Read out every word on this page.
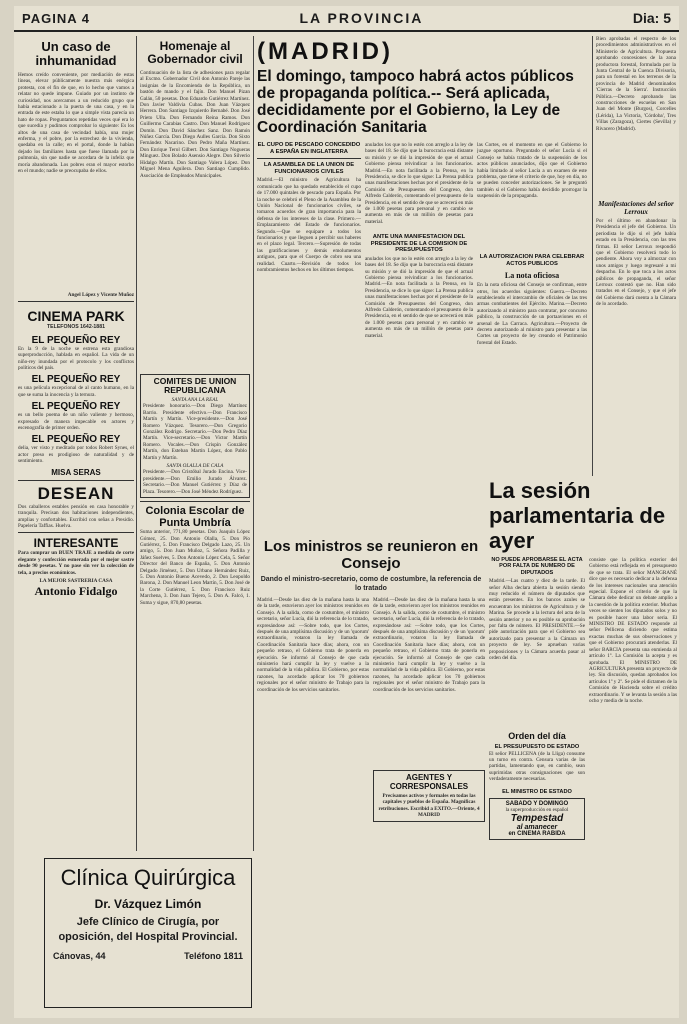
PAGINA 4	LA PROVINCIA	Dia: 5
Un caso de inhumanidad
Hemos creído conveniente, por mediación de estas líneas, elevar públicamente nuestra más enérgica protesta, con el fin de que, en lo hecho que vamos a relatar no quede impune. Guiado por un instinto de curiosidad, nos acercamos a un reducido grupo que había estacionado a la puerta de una casa, y en la entrada de este estaba lo que a simple vista parecía un hato de ropas. Preguntamos repetidas veces qué era lo que sucedía y pudimos comprobar lo siguiente: Es los altos de una casa de vecindad había, una mujer enferma, y el pobre, por la estrechez de la vivienda, quedaba en la calle; en el portal, donde la habían dejado los familiares hasta que fuese llamada por la pulmonía, sin que nadie se acordara de la infeliz que moría abandonada. Los pobres eran el mayor estorbo en el mundo; nadie se preocupaba de ellos.
Angel López y Vicente Muñoz
CINEMA PARK
TELEFONOS 1642-1881
EL PEQUEÑO REY
En la 9 de la noche se estrena esta grandiosa superproducción, hablada en español. La vida de un niño-rey inundada por el protocolo y los conflictos políticos del país.
EL PEQUEÑO REY
es una película excepcional de al canto humano, en la que se suma la inocencia y la ternura.
EL PEQUEÑO REY
es un bello poema de un niño valiente y hermoso, expresado de manera impecable en actores y escenografía de primer orden.
EL PEQUEÑO REY
delia, ver visto y meditado por todos Robert Synes, el actor preso es prodigioso de naturalidad y de sentimiento.
MISA SERAS
DESEAN
Dos caballeros estables pensión en casa honorable y tranquila. Precisan dos habitaciones independientes, amplias y confortables. Escribid con señas a Presidio. Papelería Taffias. Huelva.
INTERESANTE
Para comprar un BUEN TRAJE a medida de corte elegante y confección esmerada por el mejor sastre desde 90 pesetas. Y no pase sin ver la colección de tela, a precios económicos.
LA MEJOR SASTRERIA CASA
Antonio Fidalgo
Homenaje al Gobernador civil
Continuación de la lista de adhesiones para regalar al Excmo. Gobernador Civil don Antonio Pareje las insignias de la Encomienda de la República, un bastón de mando y el fajín. Don Manuel Pizan Galán, 50 pesetas. Don Eduardo Gutiérrez Martínez. Don Javier Valdivia Cubas. Don Juan Vázquez Herrera. Don Santiago Izquierdo Bernabé. Don José Prieto Ulla. Don Fernando Reina Ramos. Don Guillermo Carabias Castro. Don Manuel Rodríguez Domín. Don David Sánchez Sanz. Don Ramón Núñez García. Don Diego Aulles García. Don Sixto Fernández Nacarino. Don Pedro Maña Martínez. Don Enrique Terol Gilbert. Don Santiago Nogueras Mínguez. Don Bolado Asensio Alegre. Don Silverio Hidalgo Martín. Don Santiago Valera López. Don Miguel Mena Aguilera. Don Santiago Cumplido. Asociación de Empleados Municipales.
COMITES DE UNION REPUBLICANA
SANTA ANA LA REAL
Presidente honorario.—Don Diego Martínez Barrio. Presidente efectivo.—Don Francisco Martín y Martín. Vice-presidente.—Don José Romero Vázquez. Tesorero.—Don Gregorio González Rodrigo. Secretario.—Don Pedro Díaz Martín. Vice-secretario.—Don Victor Martín Romero. Vocales.—Don Crispín González Martín, don Esteban Martín López, don Pablo Martín y Martín.
SANTA OLALLA DE CALA
Presidente.—Don Cristóbal Jurado Encina. Vice-presidente.—Don Emilio Jurado Álvarez. Secretario.—Don Manuel Gutiérrez y Díaz de Plaza. Tesorero.—Don José Méndez Rodríguez.
Colonia Escolar de Punta Umbría
Suma anterior, 771,80 pesetas. Don Joaquín López Gómez, 25. Don Antonio Olalla, 5. Don Pío Gutiérrez, 5. Don Francisco Delgado Lazo, 25. Un amigo, 5. Don Juan Muñoz, 5. Señora Padilla y Jáñez Suelves, 5. Don Antonio López Cela, 5. Señor Director del Banco de España, 5. Don Antonio Delgado Jiménez, 5. Don Urbano Hernández Ruiz, 5. Don Antonio Bueno Acevedo, 2. Don Leopoldo Barona, 2. Don Manuel Leon Martín, 5. Don José de la Corte Gutiérrez, 5. Don Francisco Ruiz Marchena, 3. Don Juan Tejero, 5. Don A. Falcó, 1. Suma y sigue, 870,80 pesetas.
(MADRID)
El domingo, tampoco habrá actos públicos de propaganda política.-- Será aplicada, decididamente por el Gobierno, la Ley de Coordinación Sanitaria
EL CUPO DE PESCADO CONCEDIDO A ESPAÑA EN INGLATERRA
LA ASAMBLEA DE LA UNION DE FUNCIONARIOS CIVILES
Madrid.—El ministro de Agricultura ha comunicado que ha quedado establecido el cupo de 17.000 quintales de pescado para España. Por la noche se celebró el Pleno de la Asamblea de la Unión Nacional de funcionarios civiles, se tomaron acuerdos de gran importancia para la defensa de los intereses de la clase. Primero.—Emplazamiento del Estado de funcionarios. Segundo.—Que se equipare a todos los funcionarios y que lleguen a percibir sus haberes en el plazo legal. Tercero.—Supresión de todas las gratificaciones y demás emolumentos antiguos, para que el Cuerpo de cobro sea una realidad. Cuarto.—Revisión de todos los nombramientos hechos en los últimos tiempos.
anulados los que no lo estén con arreglo a la ley de bases del 18. Se dijo que la burocracia está distante su misión y se dió la impresión de que el actual Gobierno piensa reivindicar a los funcionarios. Madrid.—En nota facilitada a la Prensa, en la Presidencia, se dice lo que sigue: La Prensa publica unas manifestaciones hechas por el presidente de la Comisión de Presupuestos del Congreso, don Alfredo Calderón, comentando el presupuesto de la Presidencia, en el sentido de que se acrecerá en más de 1.000 pesetas para personal y en cambio se aumenta en más de un millón de pesetas para material.
ANTE UNA MANIFESTACION DEL PRESIDENTE DE LA COMISION DE PRESUPUESTOS
anulados los que no lo estén con arreglo a la ley de bases del 18. Se dijo que la burocracia está distante su misión y se dió la impresión de que el actual Gobierno piensa reivindicar a los funcionarios. Madrid.—En nota facilitada a la Prensa, en la Presidencia, se dice lo que sigue: La Prensa publica unas manifestaciones hechas por el presidente de la Comisión de Presupuestos del Congreso, don Alfredo Calderón, comentando el presupuesto de la Presidencia, en el sentido de que se acrecerá en más de 1.000 pesetas para personal y en cambio se aumenta en más de un millón de pesetas para material.
las Cortes, en el momento en que el Gobierno lo juzgue oportuno. Preguntado el señor Lucía si el Consejo se había tratado de la suspensión de los actos públicos anunciados, dijo que el Gobierno había limitado al señor Lucía a un examen de este problema, que tiene el criterio de que, hoy en día, no se pueden conceder autorizaciones. Se le preguntó también si el Gobierno había decidido prorrogar la suspensión de la propaganda.
LA AUTORIZACION PARA CELEBRAR ACTOS PUBLICOS
La nota oficiosa
En la nota oficiosa del Consejo se confirman, entre otros, los acuerdos siguientes: Guerra.—Decreto estableciendo el intercambio de oficiales de las tres armas combatientes del Ejército. Marina.—Decreto autorizando al ministro para contratar, por concurso público, la construcción de un portaaviones en el arsenal de La Carraca. Agricultura.—Proyecto de decreto autorizando al ministro para presentar a las Cortes un proyecto de ley creando el Patrimonio forestal del Estado.
Los ministros se reunieron en Consejo
Dando el ministro-secretario, como de costumbre, la referencia de lo tratado
Madrid.—Desde las diez de la mañana hasta la una de la tarde, estuvieron ayer los ministros reunidos en Consejo. A la salida, como de costumbre, el ministro secretario, señor Lucía, dió la referencia de lo tratado, expresándose así: —Sobre todo, que los Cortes, después de una amplísima discusión y de un 'quorum' extraordinario, votaron la ley llamada de Coordinación Sanitaria hace días; ahora, con un pequeño retraso, el Gobierno trata de ponerla en ejecución. Se informó al Consejo de que cada ministerio hará cumplir la ley y vuelve a la normalidad de la vida pública. El Gobierno, por estas razones, ha acordado aplicar los 70 gobiernos regionales por el señor ministro de Trabajo para la coordinación de los servicios sanitarios.
Madrid.—Desde las diez de la mañana hasta la una de la tarde, estuvieron ayer los ministros reunidos en Consejo. A la salida, como de costumbre, el ministro secretario, señor Lucía, dió la referencia de lo tratado, expresándose así: —Sobre todo, que los Cortes, después de una amplísima discusión y de un 'quorum' extraordinario, votaron la ley llamada de Coordinación Sanitaria hace días; ahora, con un pequeño retraso, el Gobierno trata de ponerla en ejecución. Se informó al Consejo de que cada ministerio hará cumplir la ley y vuelve a la normalidad de la vida pública. El Gobierno, por estas razones, ha acordado aplicar los 70 gobiernos regionales por el señor ministro de Trabajo para la coordinación de los servicios sanitarios.
AGENTES Y CORRESPONSALES
Precisamos activos y formales en todas las capitales y pueblos de España. Magníficas retribuciones. Escribid a EXITO.—Oriente, 4 MADRID
Bien aprobadas el respecto de los procedimientos administrativos en el Ministerio de Agricultura. Propuesta aprobando concesiones de la zona productora forestal, formulada por la Junta Central de la Cuenca Divisoria, para un forestal en los terrenos de la provincia de Madrid denominados 'Cierras de la Sierra'. Instrucción Pública.—Decreto aprobando las construcciones de escuelas en San Juan del Monte (Burgos), Corcelles (Lérida), La Victoria, 'Córdoba', Tres Villas (Zaragoza), Ciertes (Sevilla) y Rivacero (Madrid).
Manifestaciones del señor Lerroux
Por el último en abandonar la Presidencia el jefe del Gobierno. Un periodista le dijo si el jefe había estado en la Presidencia, con las tres firmas. El señor Lerroux respondió que el Gobierno resolverá todo lo pendiente. Ahora voy a almorzar con unos amigos y luego regresaré a mi despacho. En lo que toca a los actos públicos de propaganda, el señor Lerroux contestó que no. Han sido tratados en el Consejo, y que el jefe del Gobierno dará cuenta a la Cámara de lo acordado.
La sesión parlamentaria de ayer
NO PUEDE APROBARSE EL ACTA POR FALTA DE NUMERO DE DIPUTADOS
Madrid.—Las cuatro y diez de la tarde. El señor Alba declara abierta la sesión siendo muy reducido el número de diputados que están presentes. En los bancos azules se encuentran los ministros de Agricultura y de Marina. Se procede a la lectura del acta de la sesión anterior y no es posible su aprobación por falta de número. El PRESIDENTE.—Se pide autorización para que el Gobierno sea autorizado para presentar a la Cámara un proyecto de ley. Se aprueban varias proposiciones y la Cámara acuerda pasar al orden del día.
Orden del día
EL PRESUPUESTO DE ESTADO
El señor PELLICENA (de la Lliga) consume un turno en contra. Censura varias de las partidas, lamentando que, en cambio, sean suprimidas otras consignaciones que son verdaderamente necesarias.
EL MINISTRO DE ESTADO
SABADO Y DOMINGO
la superproducción en español
Tempestad
al amanecer
en CINEMA RABIDA
consiste que la política exterior del Gobierno está reflejada en el presupuesto de que se trata. El señor MANGRANÉ dice que es necesario dedicar a la defensa de los intereses nacionales una atención especial. Expone el criterio de que la Cámara debe dedicar un debate amplio a la cuestión de la política exterior. Muchas veces se sienten los diputados solos y no es posible hacer una labor seria. El MINISTRO DE ESTADO responde al señor Pellicena diciendo que estima exactas muchas de sus observaciones y que el Gobierno procurará atenderlas. El señor BARCIA presenta una enmienda al artículo 1º. La Comisión la acepta y es aprobada. El MINISTRO DE AGRICULTURA presenta un proyecto de ley. Sin discusión, quedan aprobados los artículos 1º y 2º. Se pide el dictamen de la Comisión de Hacienda sobre el crédito extraordinario. Y se levanta la sesión a las ocho y media de la noche.
Clínica Quirúrgica
Dr. Vázquez Limón
Jefe Clínico de Cirugía, por oposición, del Hospital Provincial.
Cánovas, 44	Teléfono 1811
